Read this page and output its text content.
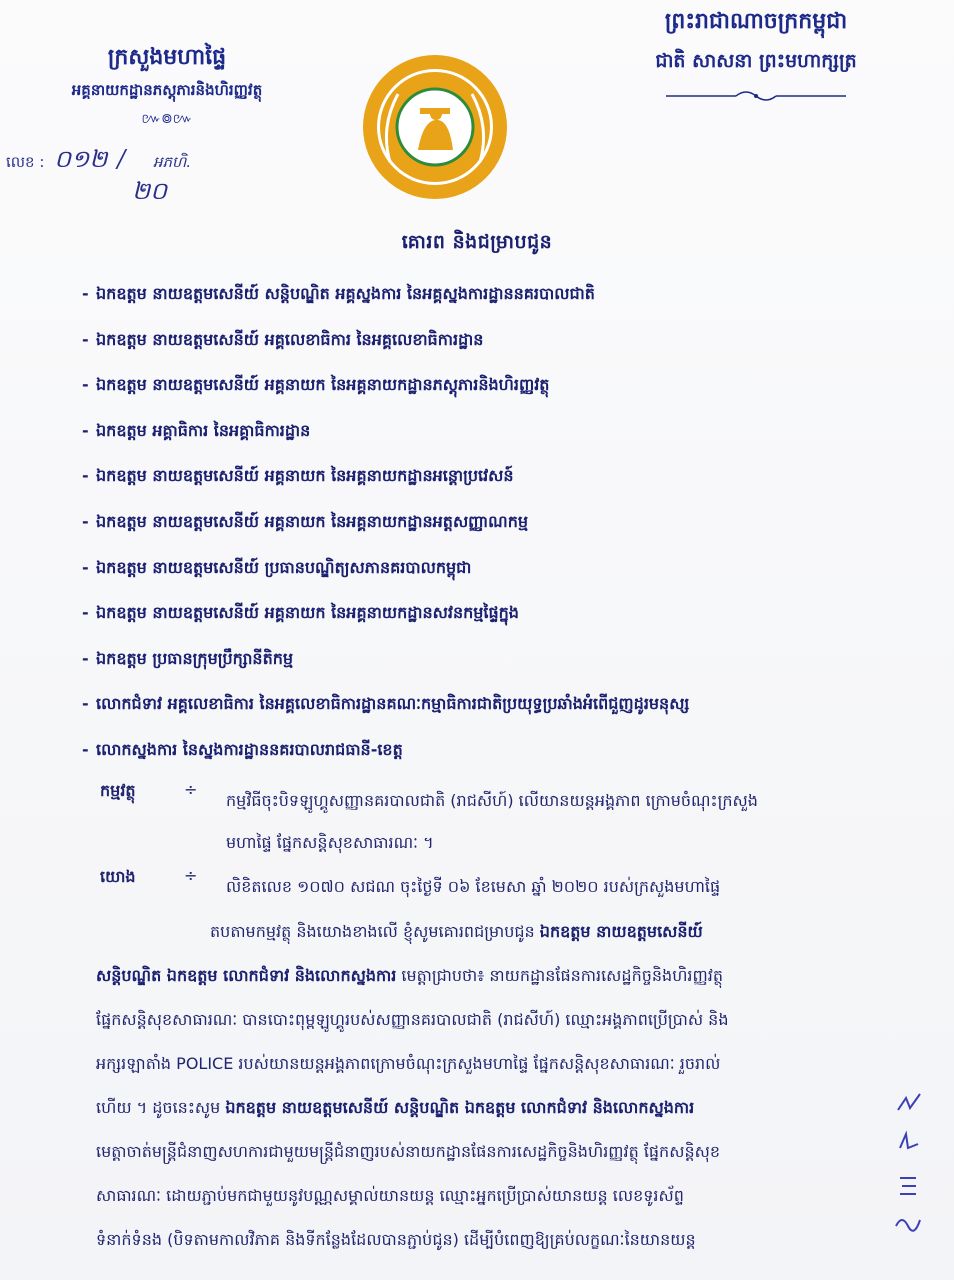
ព្រះរាជាណាចក្រកម្ពុជា
ជាតិ សាសនា ព្រះមហាក្សត្រ
ក្រសួងមហាផ្ទៃ
អគ្គនាយកដ្ឋានភស្តុភារនិងហិរញ្ញវត្ថុ
៚៙៚
លេខ : ០១២ / អភហិ.
២០
គោរព និងជម្រាបជូន
- ឯកឧត្តម នាយឧត្តមសេនីយ៍ សន្តិបណ្ឌិត អគ្គស្នងការ នៃអគ្គស្នងការដ្ឋាននគរបាលជាតិ
- ឯកឧត្តម នាយឧត្តមសេនីយ៍ អគ្គលេខាធិការ នៃអគ្គលេខាធិការដ្ឋាន
- ឯកឧត្តម នាយឧត្តមសេនីយ៍ អគ្គនាយក នៃអគ្គនាយកដ្ឋានភស្តុភារនិងហិរញ្ញវត្ថុ
- ឯកឧត្តម អគ្គាធិការ នៃអគ្គាធិការដ្ឋាន
- ឯកឧត្តម នាយឧត្តមសេនីយ៍ អគ្គនាយក នៃអគ្គនាយកដ្ឋានអន្តោប្រវេសន៍
- ឯកឧត្តម នាយឧត្តមសេនីយ៍ អគ្គនាយក នៃអគ្គនាយកដ្ឋានអត្តសញ្ញាណកម្ម
- ឯកឧត្តម នាយឧត្តមសេនីយ៍ ប្រធានបណ្ឌិត្យសភានគរបាលកម្ពុជា
- ឯកឧត្តម នាយឧត្តមសេនីយ៍ អគ្គនាយក នៃអគ្គនាយកដ្ឋានសវនកម្មផ្ទៃក្នុង
- ឯកឧត្តម ប្រធានក្រុមប្រឹក្សានីតិកម្ម
- លោកជំទាវ អគ្គលេខាធិការ នៃអគ្គលេខាធិការដ្ឋានគណៈកម្មាធិការជាតិប្រយុទ្ធប្រឆាំងអំពើជួញដូរមនុស្ស
- លោកស្នងការ នៃស្នងការដ្ឋាននគរបាលរាជធានី-ខេត្ត
កម្មវត្ថុ	÷
កម្មវិធីចុះបិទឡូហ្គូសញ្ញានគរបាលជាតិ (រាជសីហ៍) លើយានយន្តអង្គភាព ក្រោមចំណុះក្រសួង
មហាផ្ទៃ ផ្នែកសន្តិសុខសាធារណៈ ។
យោង	÷
លិខិតលេខ ១០៧០ សជណ ចុះថ្ងៃទី ០៦ ខែមេសា ឆ្នាំ ២០២០ របស់ក្រសួងមហាផ្ទៃ

តបតាមកម្មវត្ថុ និងយោងខាងលើ ខ្ញុំសូមគោរពជម្រាបជូន ឯកឧត្តម នាយឧត្តមសេនីយ៍

សន្តិបណ្ឌិត ឯកឧត្តម លោកជំទាវ និងលោកស្នងការ មេត្តាជ្រាបថា៖ នាយកដ្ឋានផែនការសេដ្ឋកិច្ចនិងហិរញ្ញវត្ថុ

ផ្នែកសន្តិសុខសាធារណៈ បានបោះពុម្ពឡូហ្គូរបស់សញ្ញានគរបាលជាតិ (រាជសីហ៍) ឈ្មោះអង្គភាពប្រើប្រាស់ និង

អក្សរឡាតាំង POLICE របស់យានយន្តអង្គភាពក្រោមចំណុះក្រសួងមហាផ្ទៃ ផ្នែកសន្តិសុខសាធារណៈ រួចរាល់

ហើយ ។ ដូចនេះសូម ឯកឧត្តម នាយឧត្តមសេនីយ៍ សន្តិបណ្ឌិត ឯកឧត្តម លោកជំទាវ និងលោកស្នងការ

មេត្តាចាត់មន្ត្រីជំនាញសហការជាមួយមន្ត្រីជំនាញរបស់នាយកដ្ឋានផែនការសេដ្ឋកិច្ចនិងហិរញ្ញវត្ថុ ផ្នែកសន្តិសុខ

សាធារណៈ ដោយភ្ជាប់មកជាមួយនូវបណ្ណសម្គាល់យានយន្ត ឈ្មោះអ្នកប្រើប្រាស់យានយន្ត លេខទូរស័ព្ទ

ទំនាក់ទំនង (បិទតាមកាលវិភាគ និងទីកន្លែងដែលបានភ្ជាប់ជូន) ដើម្បីបំពេញឱ្យគ្រប់លក្ខណៈនៃយានយន្ត
